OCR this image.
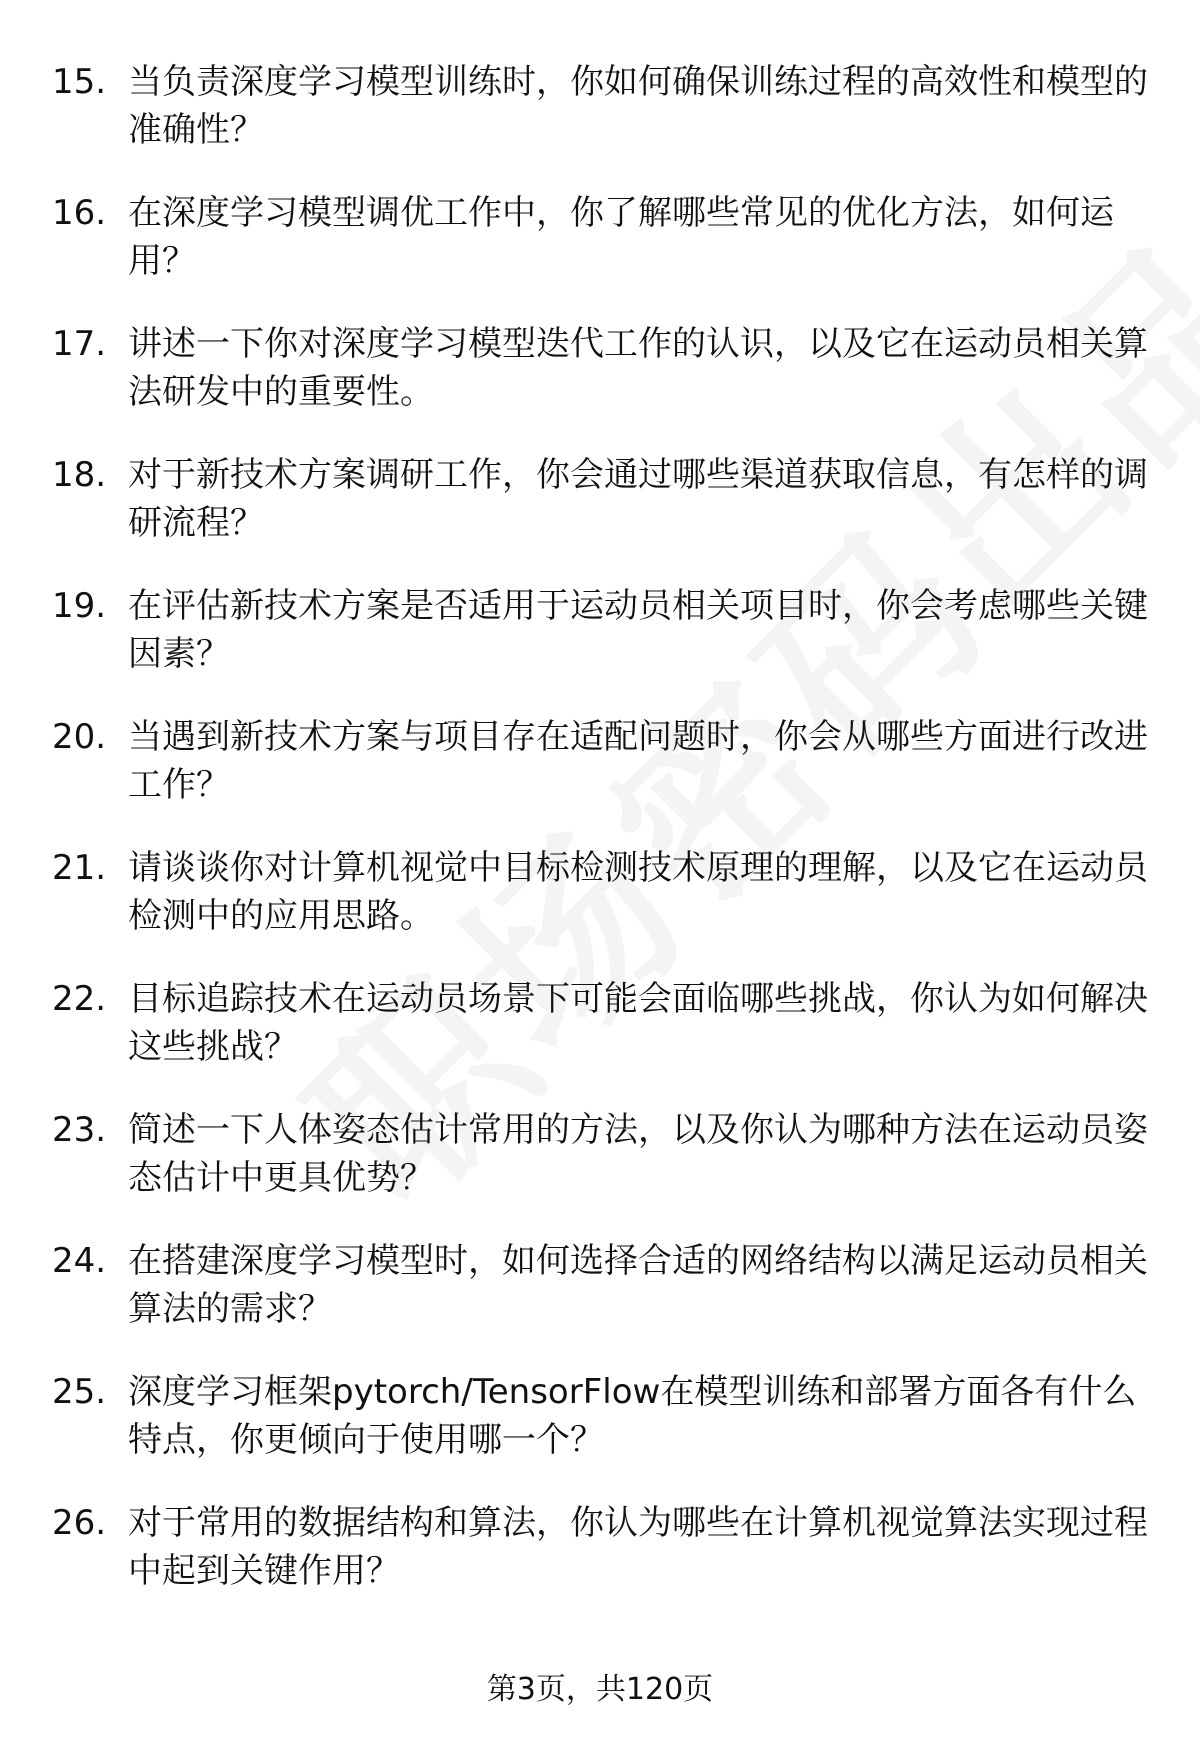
15. 当负责深度学习模型训练时，你如何确保训练过程的高效性和模型的准确性？
16. 在深度学习模型调优工作中，你了解哪些常见的优化方法，如何运用？
17. 讲述一下你对深度学习模型迭代工作的认识，以及它在运动员相关算法研发中的重要性。
18. 对于新技术方案调研工作，你会通过哪些渠道获取信息，有怎样的调研流程？
19. 在评估新技术方案是否适用于运动员相关项目时，你会考虑哪些关键因素？
20. 当遇到新技术方案与项目存在适配问题时，你会从哪些方面进行改进工作？
21. 请谈谈你对计算机视觉中目标检测技术原理的理解，以及它在运动员检测中的应用思路。
22. 目标追踪技术在运动员场景下可能会面临哪些挑战，你认为如何解决这些挑战？
23. 简述一下人体姿态估计常用的方法，以及你认为哪种方法在运动员姿态估计中更具优势？
24. 在搭建深度学习模型时，如何选择合适的网络结构以满足运动员相关算法的需求？
25. 深度学习框架pytorch/TensorFlow在模型训练和部署方面各有什么特点，你更倾向于使用哪一个？
26. 对于常用的数据结构和算法，你认为哪些在计算机视觉算法实现过程中起到关键作用？
第3页，共120页
